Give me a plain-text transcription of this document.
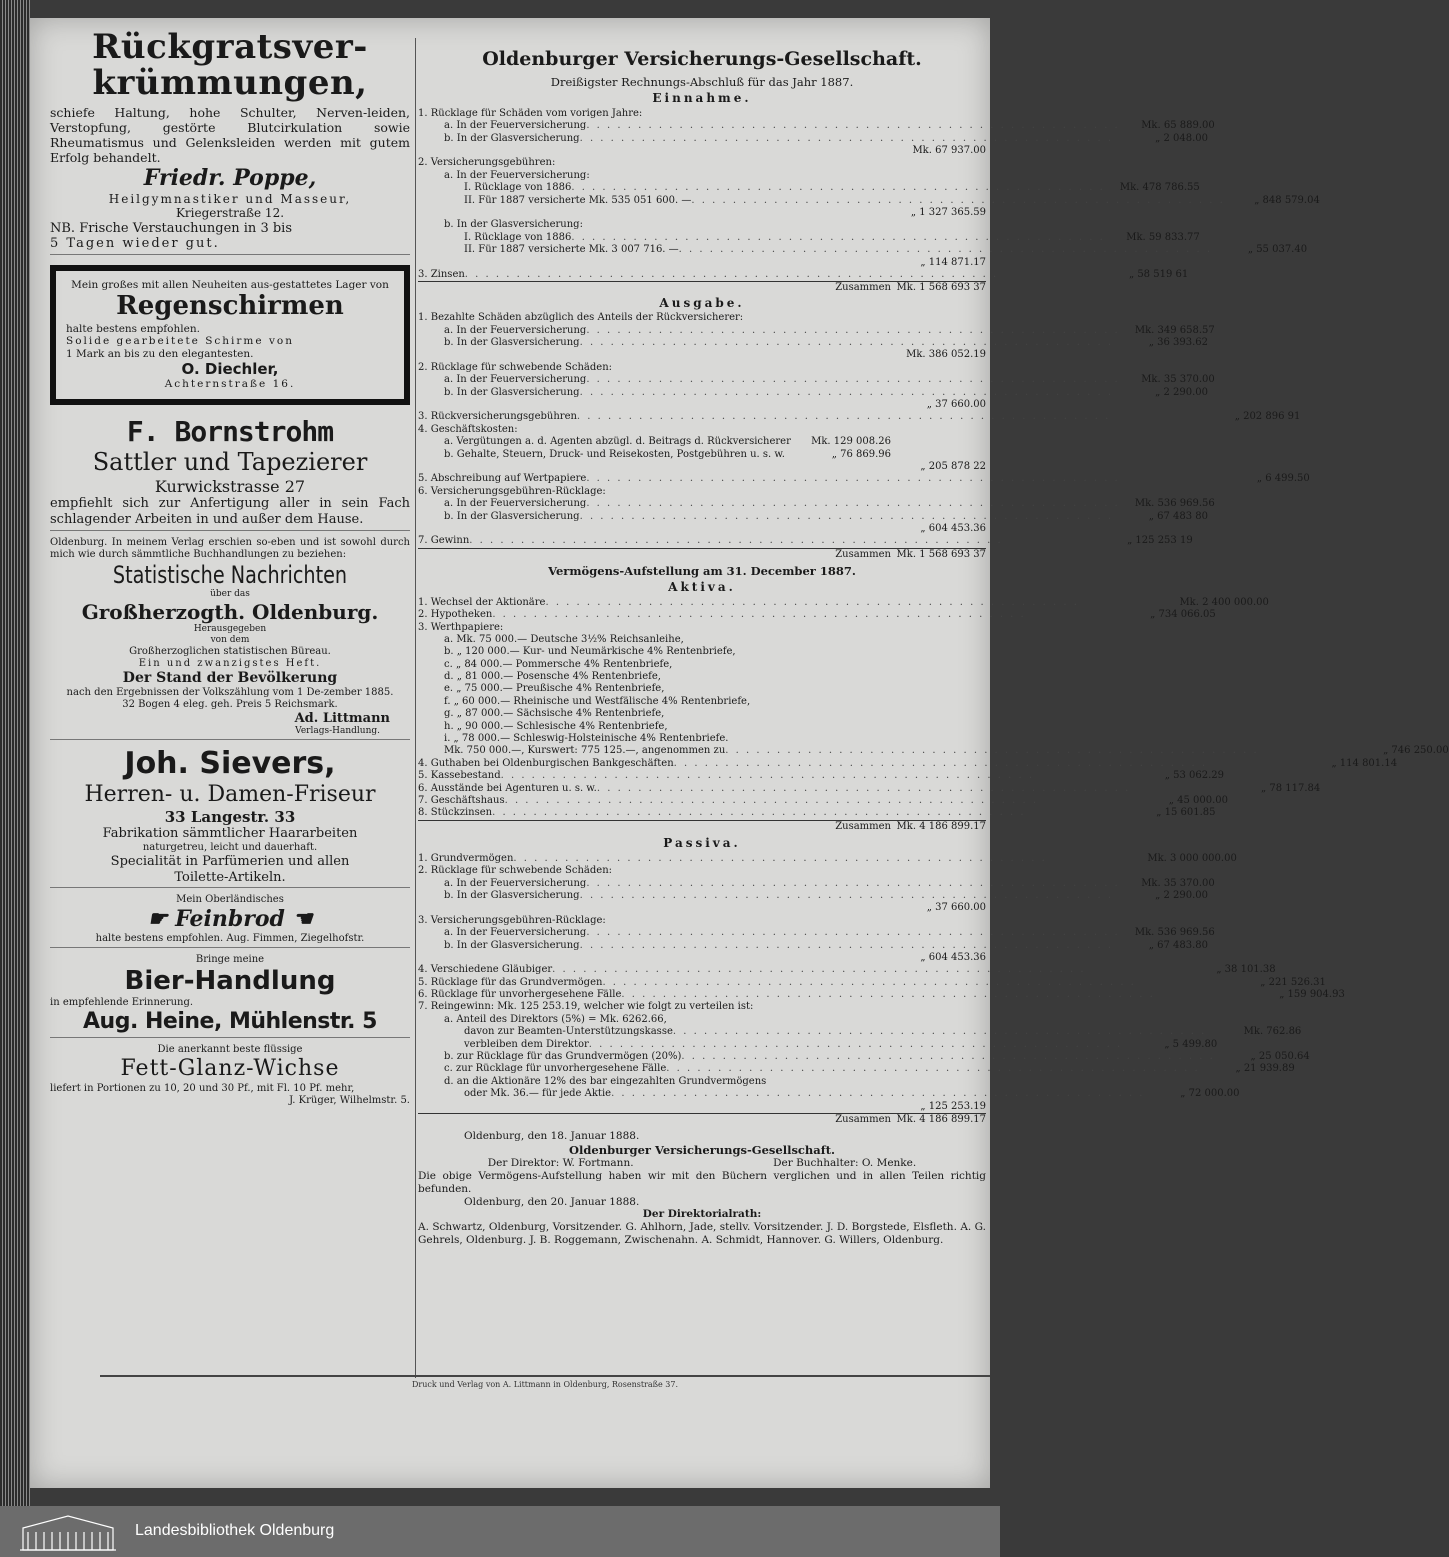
Rückgratsver-
krümmungen,
schiefe Haltung, hohe Schulter, Nerven-leiden, Verstopfung, gestörte Blutcirkulation sowie Rheumatismus und Gelenksleiden werden mit gutem Erfolg behandelt.
Friedr. Poppe,
Heilgymnastiker und Masseur,
Kriegerstraße 12.
NB. Frische Verstauchungen in 3 bis
5 Tagen wieder gut.
Mein großes mit allen Neuheiten aus-gestattetes Lager von
Regenschirmen
halte bestens empfohlen.
Solide gearbeitete Schirme von
1 Mark an bis zu den elegantesten.
O. Diechler,
Achternstraße 16.
F. Bornstrohm
Sattler und Tapezierer
Kurwickstrasse 27
empfiehlt sich zur Anfertigung aller in sein Fach schlagender Arbeiten in und außer dem Hause.
Oldenburg. In meinem Verlag erschien so-eben und ist sowohl durch mich wie durch sämmtliche Buchhandlungen zu beziehen:
Statistische Nachrichten
über das
Großherzogth. Oldenburg.
Herausgegeben
von dem
Großherzoglichen statistischen Büreau.
Ein und zwanzigstes Heft.
Der Stand der Bevölkerung
nach den Ergebnissen der Volkszählung vom 1 De-zember 1885.
32 Bogen 4 eleg. geh. Preis 5 Reichsmark.
Ad. Littmann
Verlags-Handlung.
Joh. Sievers,
Herren- u. Damen-Friseur
33 Langestr. 33
Fabrikation sämmtlicher Haararbeiten
naturgetreu, leicht und dauerhaft.
Specialität in Parfümerien und allen
Toilette-Artikeln.
Mein Oberländisches
☛ Feinbrod ☚
halte bestens empfohlen. Aug. Fimmen, Ziegelhofstr.
Bringe meine
Bier-Handlung
in empfehlende Erinnerung.
Aug. Heine, Mühlenstr. 5
Die anerkannt beste flüssige
Fett-Glanz-Wichse
liefert in Portionen zu 10, 20 und 30 Pf., mit Fl. 10 Pf. mehr,
J. Krüger, Wilhelmstr. 5.
Oldenburger Versicherungs-Gesellschaft.
Dreißigster Rechnungs-Abschluß für das Jahr 1887.
Einnahme.
1. Rücklage für Schäden vom vorigen Jahre:
a. In der Feuerversicherung . . . . . . . . . . . . . . . . . . . . . . . . . . . . . . . . . . . . . . . . . . . . . . . . . . . .	Mk. 65 889.00
b. In der Glasversicherung . . . . . . . . . . . . . . . . . . . . . . . . . . . . . . . . . . . . . . . . . . . . . . . . . . . .	„ 2 048.00
Mk. 67 937.00
2. Versicherungsgebühren:
a. In der Feuerversicherung:
I. Rücklage von 1886 . . . . . . . . . . . . . . . . . . . . . . . . . . . . . . . . . . . . . . . . . . . . . . . . . . . .	Mk. 478 786.55
II. Für 1887 versicherte Mk. 535 051 600. — . . . . . . . . . . . . . . . . . . . . . . . . . . . . . . . . . . . . . . . . . . . . . . . . . . . .	„ 848 579.04
„ 1 327 365.59
b. In der Glasversicherung:
I. Rücklage von 1886 . . . . . . . . . . . . . . . . . . . . . . . . . . . . . . . . . . . . . . . . . . . . . . . . . . . .	Mk. 59 833.77
II. Für 1887 versicherte Mk. 3 007 716. — . . . . . . . . . . . . . . . . . . . . . . . . . . . . . . . . . . . . . . . . . . . . . . . . . . . .	„ 55 037.40
„ 114 871.17
3. Zinsen . . . . . . . . . . . . . . . . . . . . . . . . . . . . . . . . . . . . . . . . . . . . . . . . . . . .	„ 58 519 61
Zusammen Mk. 1 568 693 37
Ausgabe.
1. Bezahlte Schäden abzüglich des Anteils der Rückversicherer:
a. In der Feuerversicherung . . . . . . . . . . . . . . . . . . . . . . . . . . . . . . . . . . . . . . . . . . . . . . . . . . . .	Mk. 349 658.57
b. In der Glasversicherung . . . . . . . . . . . . . . . . . . . . . . . . . . . . . . . . . . . . . . . . . . . . . . . . . . . .	„ 36 393.62
Mk. 386 052.19
2. Rücklage für schwebende Schäden:
a. In der Feuerversicherung . . . . . . . . . . . . . . . . . . . . . . . . . . . . . . . . . . . . . . . . . . . . . . . . . . . .	Mk. 35 370.00
b. In der Glasversicherung . . . . . . . . . . . . . . . . . . . . . . . . . . . . . . . . . . . . . . . . . . . . . . . . . . . .	„ 2 290.00
„ 37 660.00
3. Rückversicherungsgebühren . . . . . . . . . . . . . . . . . . . . . . . . . . . . . . . . . . . . . . . . . . . . . . . . . . . .	„ 202 896 91
4. Geschäftskosten:
a. Vergütungen a. d. Agenten abzügl. d. Beitrags d. Rückversicherer	Mk. 129 008.26
b. Gehalte, Steuern, Druck- und Reisekosten, Postgebühren u. s. w.	„ 76 869.96
„ 205 878 22
5. Abschreibung auf Wertpapiere . . . . . . . . . . . . . . . . . . . . . . . . . . . . . . . . . . . . . . . . . . . . . . . . . . . .	„ 6 499.50
6. Versicherungsgebühren-Rücklage:
a. In der Feuerversicherung . . . . . . . . . . . . . . . . . . . . . . . . . . . . . . . . . . . . . . . . . . . . . . . . . . . .	Mk. 536 969.56
b. In der Glasversicherung . . . . . . . . . . . . . . . . . . . . . . . . . . . . . . . . . . . . . . . . . . . . . . . . . . . .	„ 67 483 80
„ 604 453.36
7. Gewinn . . . . . . . . . . . . . . . . . . . . . . . . . . . . . . . . . . . . . . . . . . . . . . . . . . . .	„ 125 253 19
Zusammen Mk. 1 568 693 37
Vermögens-Aufstellung am 31. December 1887.
Aktiva.
1. Wechsel der Aktionäre . . . . . . . . . . . . . . . . . . . . . . . . . . . . . . . . . . . . . . . . . . . . . . . . . . . .	Mk. 2 400 000.00
2. Hypotheken . . . . . . . . . . . . . . . . . . . . . . . . . . . . . . . . . . . . . . . . . . . . . . . . . . . .	„ 734 066.05
3. Werthpapiere:
a. Mk. 75 000.— Deutsche 3½% Reichsanleihe,
b. „ 120 000.— Kur- und Neumärkische 4% Rentenbriefe,
c. „ 84 000.— Pommersche 4% Rentenbriefe,
d. „ 81 000.— Posensche 4% Rentenbriefe,
e. „ 75 000.— Preußische 4% Rentenbriefe,
f. „ 60 000.— Rheinische und Westfälische 4% Rentenbriefe,
g. „ 87 000.— Sächsische 4% Rentenbriefe,
h. „ 90 000.— Schlesische 4% Rentenbriefe,
i. „ 78 000.— Schleswig-Holsteinische 4% Rentenbriefe.
Mk. 750 000.—, Kurswert: 775 125.—, angenommen zu . . . . . . . . . . . . . . . . . . . . . . . . . . . . . . . . . . . . . . . . . . . . . . . . . . . .	„ 746 250.00
4. Guthaben bei Oldenburgischen Bankgeschäften . . . . . . . . . . . . . . . . . . . . . . . . . . . . . . . . . . . . . . . . . . . . . . . . . . . .	„ 114 801.14
5. Kassebestand . . . . . . . . . . . . . . . . . . . . . . . . . . . . . . . . . . . . . . . . . . . . . . . . . . . .	„ 53 062.29
6. Ausstände bei Agenturen u. s. w. . . . . . . . . . . . . . . . . . . . . . . . . . . . . . . . . . . . . . . . . . . . . . . . . . . . .	„ 78 117.84
7. Geschäftshaus . . . . . . . . . . . . . . . . . . . . . . . . . . . . . . . . . . . . . . . . . . . . . . . . . . . .	„ 45 000.00
8. Stückzinsen . . . . . . . . . . . . . . . . . . . . . . . . . . . . . . . . . . . . . . . . . . . . . . . . . . . .	„ 15 601.85
Zusammen Mk. 4 186 899.17
Passiva.
1. Grundvermögen . . . . . . . . . . . . . . . . . . . . . . . . . . . . . . . . . . . . . . . . . . . . . . . . . . . .	Mk. 3 000 000.00
2. Rücklage für schwebende Schäden:
a. In der Feuerversicherung . . . . . . . . . . . . . . . . . . . . . . . . . . . . . . . . . . . . . . . . . . . . . . . . . . . .	Mk. 35 370.00
b. In der Glasversicherung . . . . . . . . . . . . . . . . . . . . . . . . . . . . . . . . . . . . . . . . . . . . . . . . . . . .	„ 2 290.00
„ 37 660.00
3. Versicherungsgebühren-Rücklage:
a. In der Feuerversicherung . . . . . . . . . . . . . . . . . . . . . . . . . . . . . . . . . . . . . . . . . . . . . . . . . . . .	Mk. 536 969.56
b. In der Glasversicherung . . . . . . . . . . . . . . . . . . . . . . . . . . . . . . . . . . . . . . . . . . . . . . . . . . . .	„ 67 483.80
„ 604 453.36
4. Verschiedene Gläubiger . . . . . . . . . . . . . . . . . . . . . . . . . . . . . . . . . . . . . . . . . . . . . . . . . . . .	„ 38 101.38
5. Rücklage für das Grundvermögen . . . . . . . . . . . . . . . . . . . . . . . . . . . . . . . . . . . . . . . . . . . . . . . . . . . .	„ 221 526.31
6. Rücklage für unvorhergesehene Fälle . . . . . . . . . . . . . . . . . . . . . . . . . . . . . . . . . . . . . . . . . . . . . . . . . . . .	„ 159 904.93
7. Reingewinn: Mk. 125 253.19, welcher wie folgt zu verteilen ist:
a. Anteil des Direktors (5%) = Mk. 6262.66,
davon zur Beamten-Unterstützungskasse . . . . . . . . . . . . . . . . . . . . . . . . . . . . . . . . . . . . . . . . . . . . . . . . . . . .	Mk. 762.86
verbleiben dem Direktor . . . . . . . . . . . . . . . . . . . . . . . . . . . . . . . . . . . . . . . . . . . . . . . . . . . .	„ 5 499.80
b. zur Rücklage für das Grundvermögen (20%) . . . . . . . . . . . . . . . . . . . . . . . . . . . . . . . . . . . . . . . . . . . . . . . . . . . .	„ 25 050.64
c. zur Rücklage für unvorhergesehene Fälle . . . . . . . . . . . . . . . . . . . . . . . . . . . . . . . . . . . . . . . . . . . . . . . . . . . .	„ 21 939.89
d. an die Aktionäre 12% des bar eingezahlten Grundvermögens
oder Mk. 36.— für jede Aktie . . . . . . . . . . . . . . . . . . . . . . . . . . . . . . . . . . . . . . . . . . . . . . . . . . . .	„ 72 000.00
„ 125 253.19
Zusammen Mk. 4 186 899.17
Oldenburg, den 18. Januar 1888.
Oldenburger Versicherungs-Gesellschaft.
Der Direktor: W. Fortmann.	Der Buchhalter: O. Menke.
Die obige Vermögens-Aufstellung haben wir mit den Büchern verglichen und in allen Teilen richtig befunden.
Oldenburg, den 20. Januar 1888.
Der Direktorialrath:
A. Schwartz, Oldenburg, Vorsitzender. G. Ahlhorn, Jade, stellv. Vorsitzender. J. D. Borgstede, Elsfleth. A. G. Gehrels, Oldenburg. J. B. Roggemann, Zwischenahn. A. Schmidt, Hannover. G. Willers, Oldenburg.
Druck und Verlag von A. Littmann in Oldenburg, Rosenstraße 37.
Landesbibliothek Oldenburg
